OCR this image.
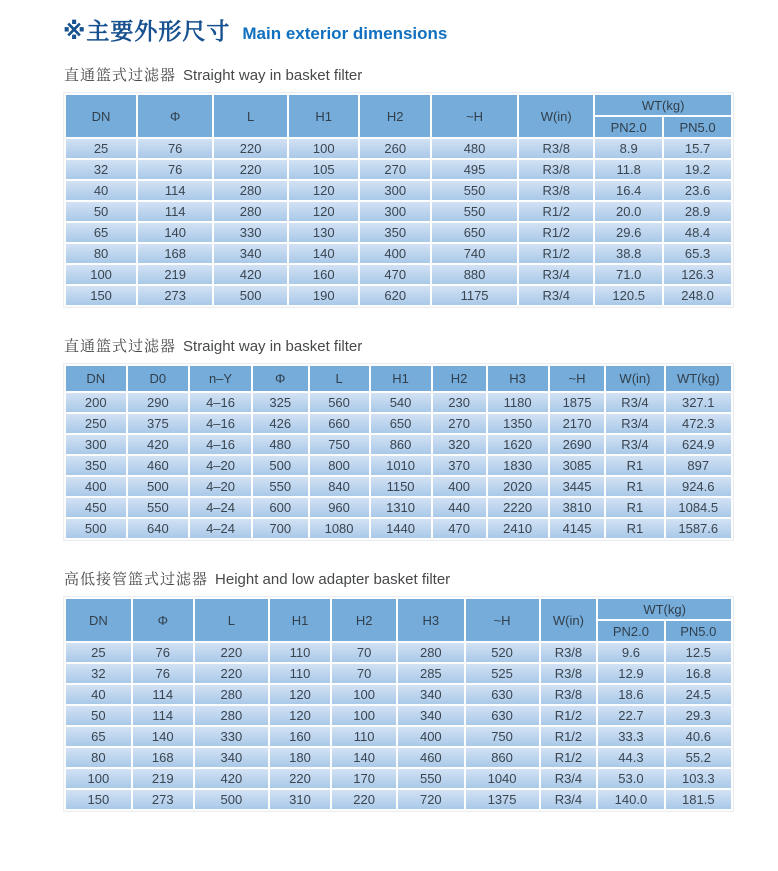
※主要外形尺寸 Main exterior dimensions
直通篮式过滤器 Straight way in basket filter
DN	Φ	L	H1	H2	~H	W(in)	WT(kg)	
							PN2.0	PN5.0
25	76	220	100	260	480	R3/8	8.9	15.7
32	76	220	105	270	495	R3/8	11.8	19.2
40	114	280	120	300	550	R3/8	16.4	23.6
50	114	280	120	300	550	R1/2	20.0	28.9
65	140	330	130	350	650	R1/2	29.6	48.4
80	168	340	140	400	740	R1/2	38.8	65.3
100	219	420	160	470	880	R3/4	71.0	126.3
150	273	500	190	620	1175	R3/4	120.5	248.0
直通篮式过滤器 Straight way in basket filter
DN	D0	n–Y	Φ	L	H1	H2	H3	~H	W(in)	WT(kg)
200	290	4–16	325	560	540	230	1180	1875	R3/4	327.1
250	375	4–16	426	660	650	270	1350	2170	R3/4	472.3
300	420	4–16	480	750	860	320	1620	2690	R3/4	624.9
350	460	4–20	500	800	1010	370	1830	3085	R1	897
400	500	4–20	550	840	1150	400	2020	3445	R1	924.6
450	550	4–24	600	960	1310	440	2220	3810	R1	1084.5
500	640	4–24	700	1080	1440	470	2410	4145	R1	1587.6
高低接管篮式过滤器 Height and low adapter basket filter
DN	Φ	L	H1	H2	H3	~H	W(in)	WT(kg)	
								PN2.0	PN5.0
25	76	220	110	70	280	520	R3/8	9.6	12.5
32	76	220	110	70	285	525	R3/8	12.9	16.8
40	114	280	120	100	340	630	R3/8	18.6	24.5
50	114	280	120	100	340	630	R1/2	22.7	29.3
65	140	330	160	110	400	750	R1/2	33.3	40.6
80	168	340	180	140	460	860	R1/2	44.3	55.2
100	219	420	220	170	550	1040	R3/4	53.0	103.3
150	273	500	310	220	720	1375	R3/4	140.0	181.5
